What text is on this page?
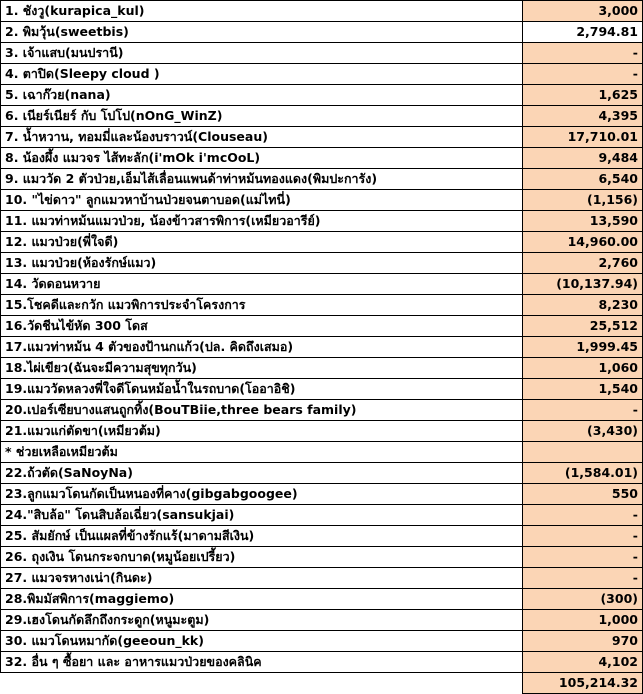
1. ชังวู(kurapica_kul)	3,000
2. พิมวุ้น(sweetbis)	2,794.81
3. เจ้าแสบ(มนปรานี)	-
4. ตาปิด(Sleepy cloud )	-
5. เฉาก๊วย(nana)	1,625
6. เนียร์เนียร์ กับ โปโป(nOnG_WinZ)	4,395
7. น้ำหวาน, ทอมมี่และน้องบราวน์(Clouseau)	17,710.01
8. น้องผึ้ง แมวจร ไส้ทะลัก(i'mOk i'mcOoL)	9,484
9. แมววัด 2 ตัวป่วย,เอ็มไส้เลื่อนแพนด้าท่าหม้นทองแดง(พิมปะการัง)	6,540
10. "ไข่ดาว" ลูกแมวหาบ้านป่วยจนตาบอด(แม่ไทนี่)	(1,156)
11. แมวท่าหม้นแมวป่วย, น้องข้าวสารพิการ(เหมียวอารีย์)	13,590
12. แมวป่วย(พี่ใจดี)	14,960.00
13. แมวป่วย(ห้องรักษ์แมว)	2,760
14. วัดดอนหวาย	(10,137.94)
15.โชคดีและกวัก แมวพิการประจำโครงการ	8,230
16.วัดชีนไข้หัด 300 โดส	25,512
17.แมวท่าหม้น 4 ตัวของป้านกแก้ว(ปล. คิดถึงเสมอ)	1,999.45
18.ไผ่เขียว(ฉันจะมีความสุขทุกวัน)	1,060
19.แมววัดหลวงพี่ใจดีโดนหม้อน้ำในรถบาด(โออาอิชิ)	1,540
20.เปอร์เซียบางแสนถูกทิ้ง(BouTBiie,three bears family)	-
21.แมวแก่ตัดขา(เหมียวต้ม)	(3,430)
* ช่วยเหลือเหมียวต้ม	
22.ถ้วตัด(SaNoyNa)	(1,584.01)
23.ลูกแมวโดนกัดเป็นหนองที่คาง(gibgabgoogee)	550
24."สิบล้อ" โดนสิบล้อเฉี่ยว(sansukjai)	-
25. สัมยักษ์ เป็นแผลที่ข้างรักแร้(มาดามสีเงิน)	-
26. ถุงเงิน โดนกระจกบาด(หมูน้อยเปรี้ยว)	-
27. แมวจรหางเน่า(กินดะ)	-
28.พิมมัสพิการ(maggiemo)	(300)
29.เฮงโดนกัดลึกถึงกระดูก(หนูมะตูม)	1,000
30. แมวโดนหมากัด(geeoun_kk)	970
32. อื่น ๆ ซื้อยา และ อาหารแมวป่วยของคลินิค	4,102
	105,214.32
